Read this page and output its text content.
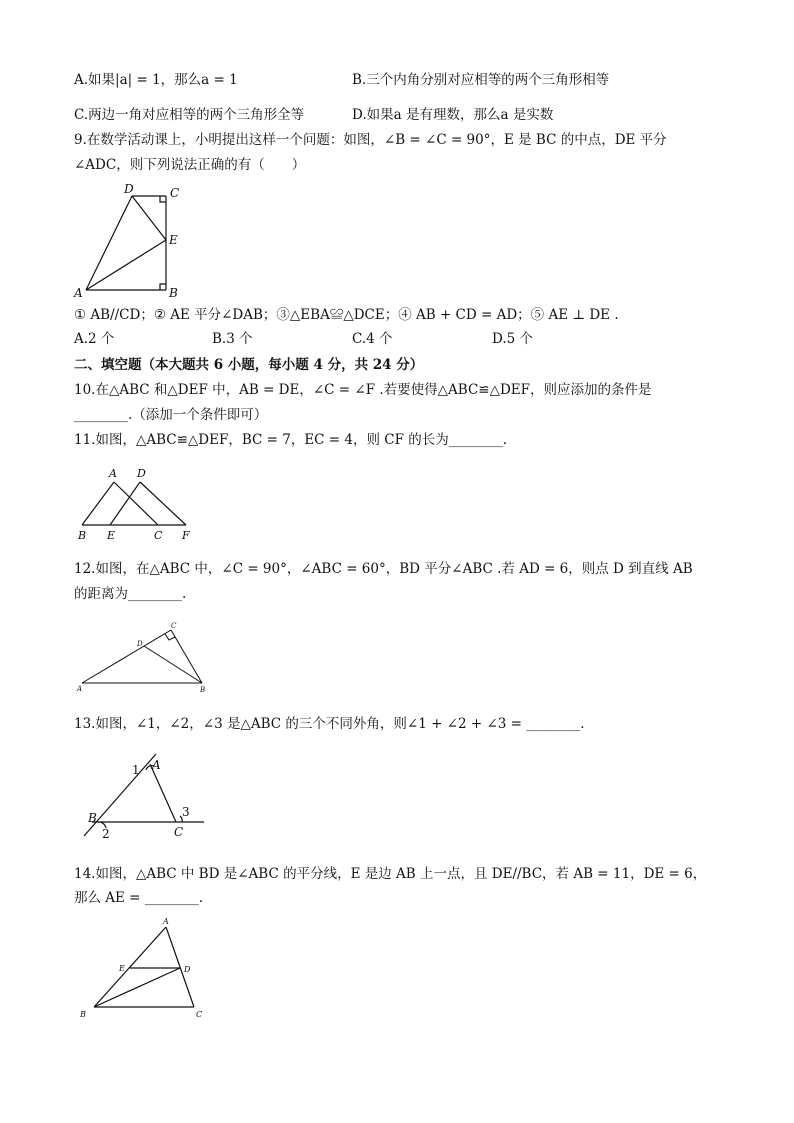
A.如果|a| = 1，那么a = 1	B.三个内角分别对应相等的两个三角形相等
C.两边一角对应相等的两个三角形全等	D.如果a 是有理数，那么a 是实数
9.在数学活动课上，小明提出这样一个问题：如图，∠B = ∠C = 90°，E 是 BC 的中点，DE 平分
∠ADC，则下列说法正确的有（　　）
D	C
E
A	B
① AB//CD；② AE 平分∠DAB；③△EBA≌△DCE；④ AB + CD = AD；⑤ AE ⊥ DE .
A.2 个	B.3 个	C.4 个	D.5 个
二、填空题（本大题共 6 小题，每小题 4 分，共 24 分）
10.在△ABC 和△DEF 中，AB = DE，∠C = ∠F .若要使得△ABC≌△DEF，则应添加的条件是
________.（添加一个条件即可）
11.如图，△ABC≌△DEF，BC = 7，EC = 4，则 CF 的长为________.
A D
B E	C F
12.如图，在△ABC 中，∠C = 90°，∠ABC = 60°，BD 平分∠ABC .若 AD = 6，则点 D 到直线 AB
的距离为________.
A	B
C
D
13.如图，∠1，∠2，∠3 是△ABC 的三个不同外角，则∠1 + ∠2 + ∠3 = ________.
A
B
C
1
2
3
14.如图，△ABC 中 BD 是∠ABC 的平分线，E 是边 AB 上一点，且 DE//BC，若 AB = 11，DE = 6，
那么 AE = ________.
A
B	C
D
E
